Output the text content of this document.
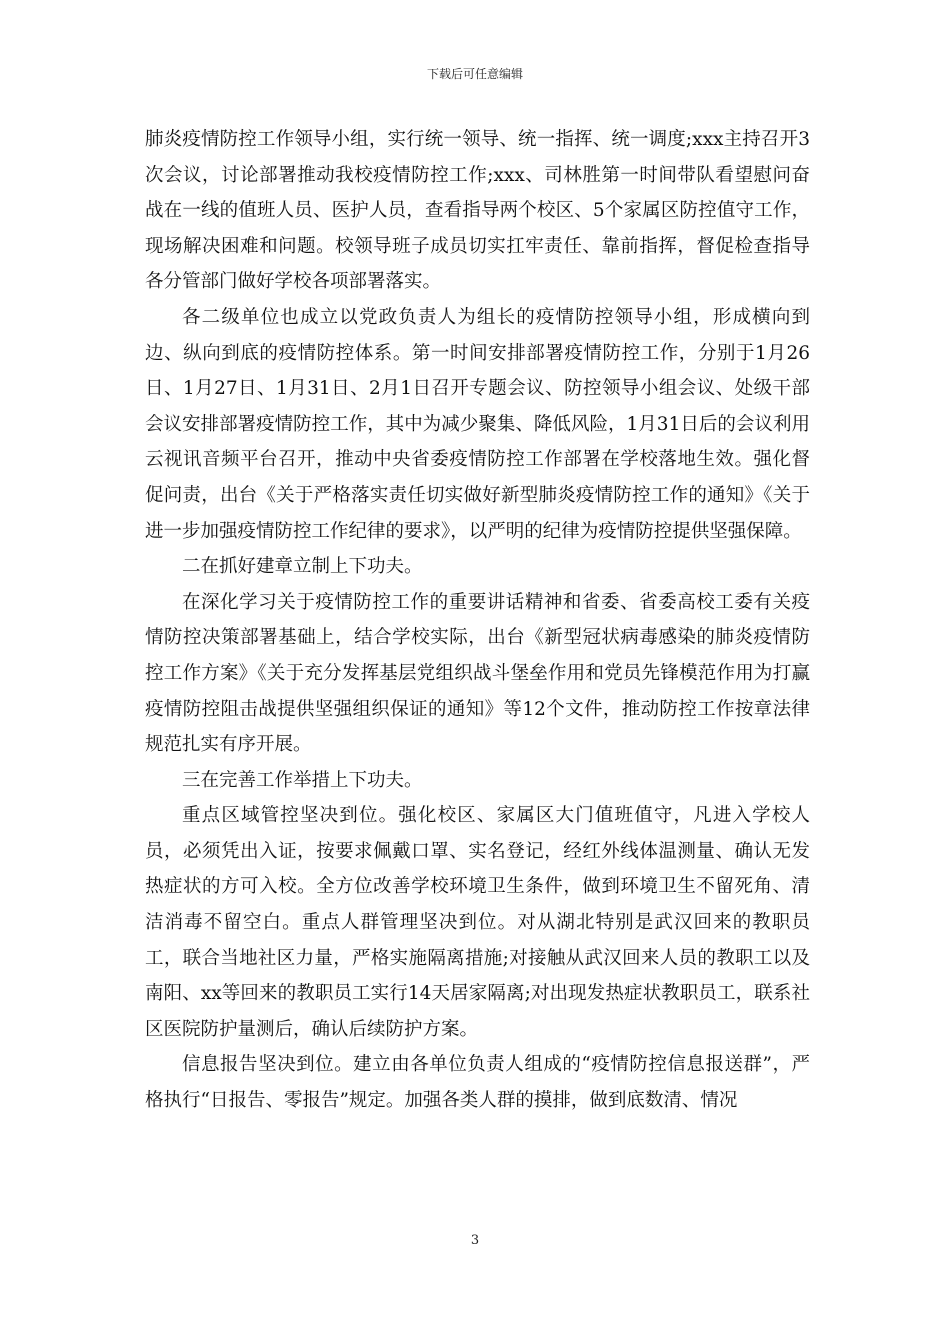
下载后可任意编辑

肺炎疫情防控工作领导小组，实行统一领导、统一指挥、统一调度;xxx主持召开3次会议，讨论部署推动我校疫情防控工作;xxx、司林胜第一时间带队看望慰问奋战在一线的值班人员、医护人员，查看指导两个校区、5个家属区防控值守工作，现场解决困难和问题。校领导班子成员切实扛牢责任、靠前指挥，督促检查指导各分管部门做好学校各项部署落实。

各二级单位也成立以党政负责人为组长的疫情防控领导小组，形成横向到边、纵向到底的疫情防控体系。第一时间安排部署疫情防控工作，分别于1月26日、1月27日、1月31日、2月1日召开专题会议、防控领导小组会议、处级干部会议安排部署疫情防控工作，其中为减少聚集、降低风险，1月31日后的会议利用云视讯音频平台召开，推动中央省委疫情防控工作部署在学校落地生效。强化督促问责，出台《关于严格落实责任切实做好新型肺炎疫情防控工作的通知》《关于进一步加强疫情防控工作纪律的要求》，以严明的纪律为疫情防控提供坚强保障。

二在抓好建章立制上下功夫。

在深化学习关于疫情防控工作的重要讲话精神和省委、省委高校工委有关疫情防控决策部署基础上，结合学校实际，出台《新型冠状病毒感染的肺炎疫情防控工作方案》《关于充分发挥基层党组织战斗堡垒作用和党员先锋模范作用为打赢疫情防控阻击战提供坚强组织保证的通知》等12个文件，推动防控工作按章法律规范扎实有序开展。

三在完善工作举措上下功夫。

重点区域管控坚决到位。强化校区、家属区大门值班值守，凡进入学校人员，必须凭出入证，按要求佩戴口罩、实名登记，经红外线体温测量、确认无发热症状的方可入校。全方位改善学校环境卫生条件，做到环境卫生不留死角、清洁消毒不留空白。重点人群管理坚决到位。对从湖北特别是武汉回来的教职员工，联合当地社区力量，严格实施隔离措施;对接触从武汉回来人员的教职工以及南阳、xx等回来的教职员工实行14天居家隔离;对出现发热症状教职员工，联系社区医院防护量测后，确认后续防护方案。

信息报告坚决到位。建立由各单位负责人组成的“疫情防控信息报送群”，严格执行“日报告、零报告”规定。加强各类人群的摸排，做到底数清、情况

3
